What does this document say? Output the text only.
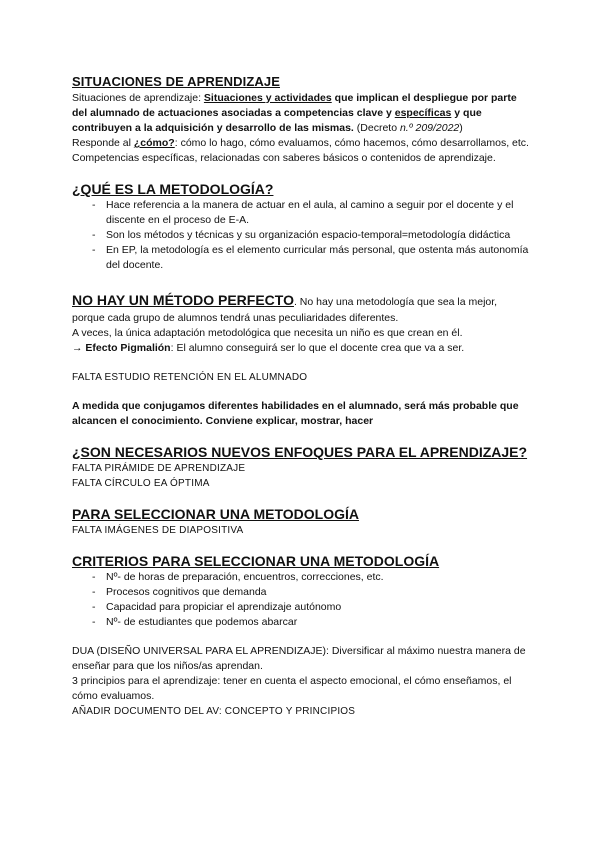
SITUACIONES DE APRENDIZAJE

Situaciones de aprendizaje: Situaciones y actividades que implican el despliegue por parte del alumnado de actuaciones asociadas a competencias clave y específicas y que contribuyen a la adquisición y desarrollo de las mismas. (Decreto n.º 209/2022)

Responde al ¿cómo?: cómo lo hago, cómo evaluamos, cómo hacemos, cómo desarrollamos, etc.

Competencias específicas, relacionadas con saberes básicos o contenidos de aprendizaje.

¿QUÉ ES LA METODOLOGÍA?
- Hace referencia a la manera de actuar en el aula, al camino a seguir por el docente y el discente en el proceso de E-A.
- Son los métodos y técnicas y su organización espacio-temporal=metodología didáctica
- En EP, la metodología es el elemento curricular más personal, que ostenta más autonomía del docente.

NO HAY UN MÉTODO PERFECTO. No hay una metodología que sea la mejor, porque cada grupo de alumnos tendrá unas peculiaridades diferentes.

A veces, la única adaptación metodológica que necesita un niño es que crean en él.

→ Efecto Pigmalión: El alumno conseguirá ser lo que el docente crea que va a ser.

FALTA ESTUDIO RETENCIÓN EN EL ALUMNADO

A medida que conjugamos diferentes habilidades en el alumnado, será más probable que alcancen el conocimiento. Conviene explicar, mostrar, hacer

¿SON NECESARIOS NUEVOS ENFOQUES PARA EL APRENDIZAJE?

FALTA PIRÁMIDE DE APRENDIZAJE

FALTA CÍRCULO EA ÓPTIMA

PARA SELECCIONAR UNA METODOLOGÍA

FALTA IMÁGENES DE DIAPOSITIVA

CRITERIOS PARA SELECCIONAR UNA METODOLOGÍA
- Nº- de horas de preparación, encuentros, correcciones, etc.
- Procesos cognitivos que demanda
- Capacidad para propiciar el aprendizaje autónomo
- Nº- de estudiantes que podemos abarcar

DUA (DISEÑO UNIVERSAL PARA EL APRENDIZAJE): Diversificar al máximo nuestra manera de enseñar para que los niños/as aprendan.

3 principios para el aprendizaje: tener en cuenta el aspecto emocional, el cómo enseñamos, el cómo evaluamos.

AÑADIR DOCUMENTO DEL AV: CONCEPTO Y PRINCIPIOS
